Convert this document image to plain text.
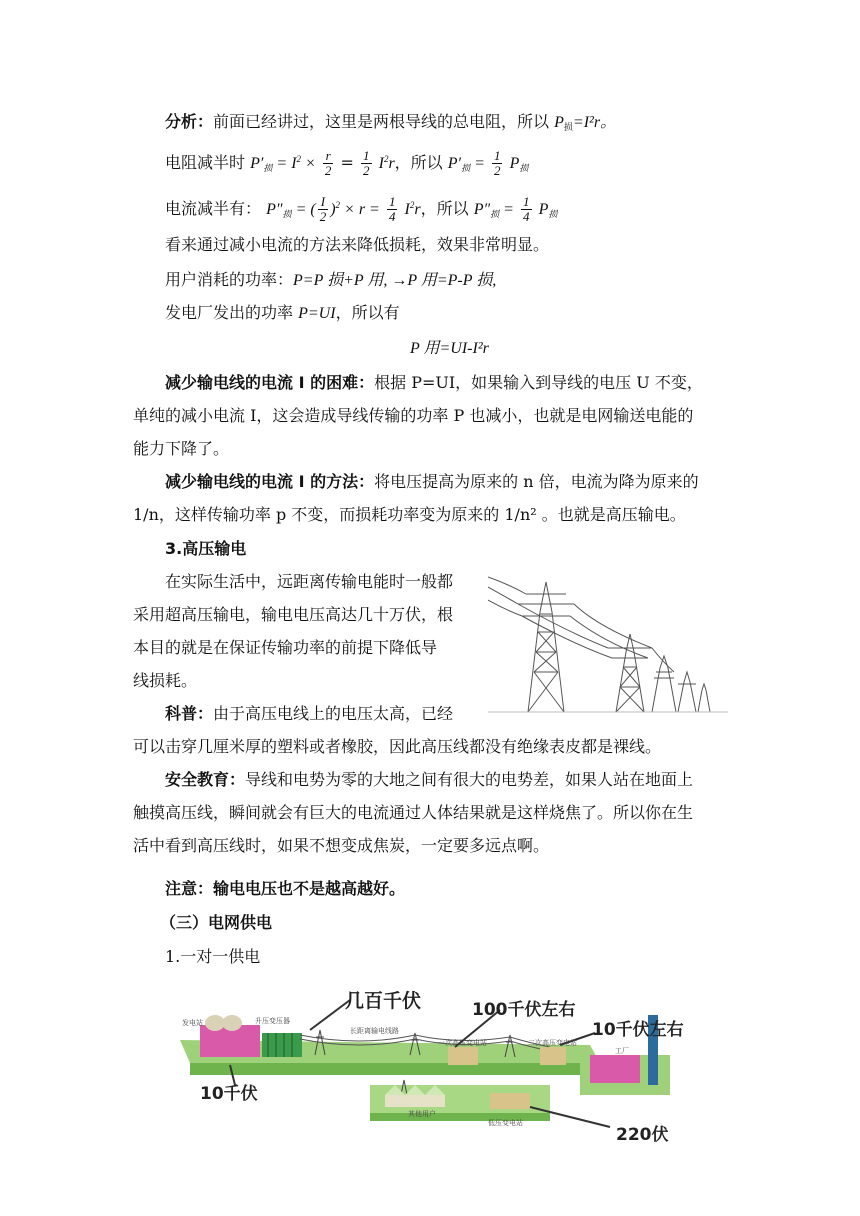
分析：前面已经讲过，这里是两根导线的总电阻，所以 $P_损=I^2r$。
电阻减半时 $P'_损 = I^2 \times \frac{r}{2} = \frac{1}{2} I^2r$，所以 $P'_损 = \frac{1}{2} P_损$
电流减半有： $P''_损$ = ( $\frac{I}{2} )^2 \times r = \frac{1}{4} I^2r$，所以 $P''_损 = \frac{1}{4} P_损$
看来通过减小电流的方法来降低损耗，效果非常明显。
用户消耗的功率：P=P 损+P 用, →P 用=P-P 损,
发电厂发出的功率 P=UI，所以有
P 用=UI-I²r
减少输电线的电流 I 的困难：根据 P=UI，如果输入到导线的电压 U 不变，
单纯的减小电流 I，这会造成导线传输的功率 P 也减小，也就是电网输送电能的
能力下降了。
减少输电线的电流 I 的方法：将电压提高为原来的 n 倍，电流为降为原来的
1/n，这样传输功率 p 不变，而损耗功率变为原来的 1/n² 。也就是高压输电。
3.高压输电
在实际生活中，远距离传输电能时一般都
采用超高压输电，输电电压高达几十万伏，根
本目的就是在保证传输功率的前提下降低导
线损耗。
科普：由于高压电线上的电压太高，已经
可以击穿几厘米厚的塑料或者橡胶，因此高压线都没有绝缘表皮都是裸线。
安全教育：导线和电势为零的大地之间有很大的电势差，如果人站在地面上
触摸高压线，瞬间就会有巨大的电流通过人体结果就是这样烧焦了。所以你在生
活中看到高压线时，如果不想变成焦炭，一定要多远点啊。
注意：输电电压也不是越高越好。
（三）电网供电
1.一对一供电
几百千伏	100千伏左右
10千伏左右
10千伏
220伏
发电站	升压变压器
长距离输电线路
一次高压变电站	二次高压变电站
工厂
其他用户
低压变电站
